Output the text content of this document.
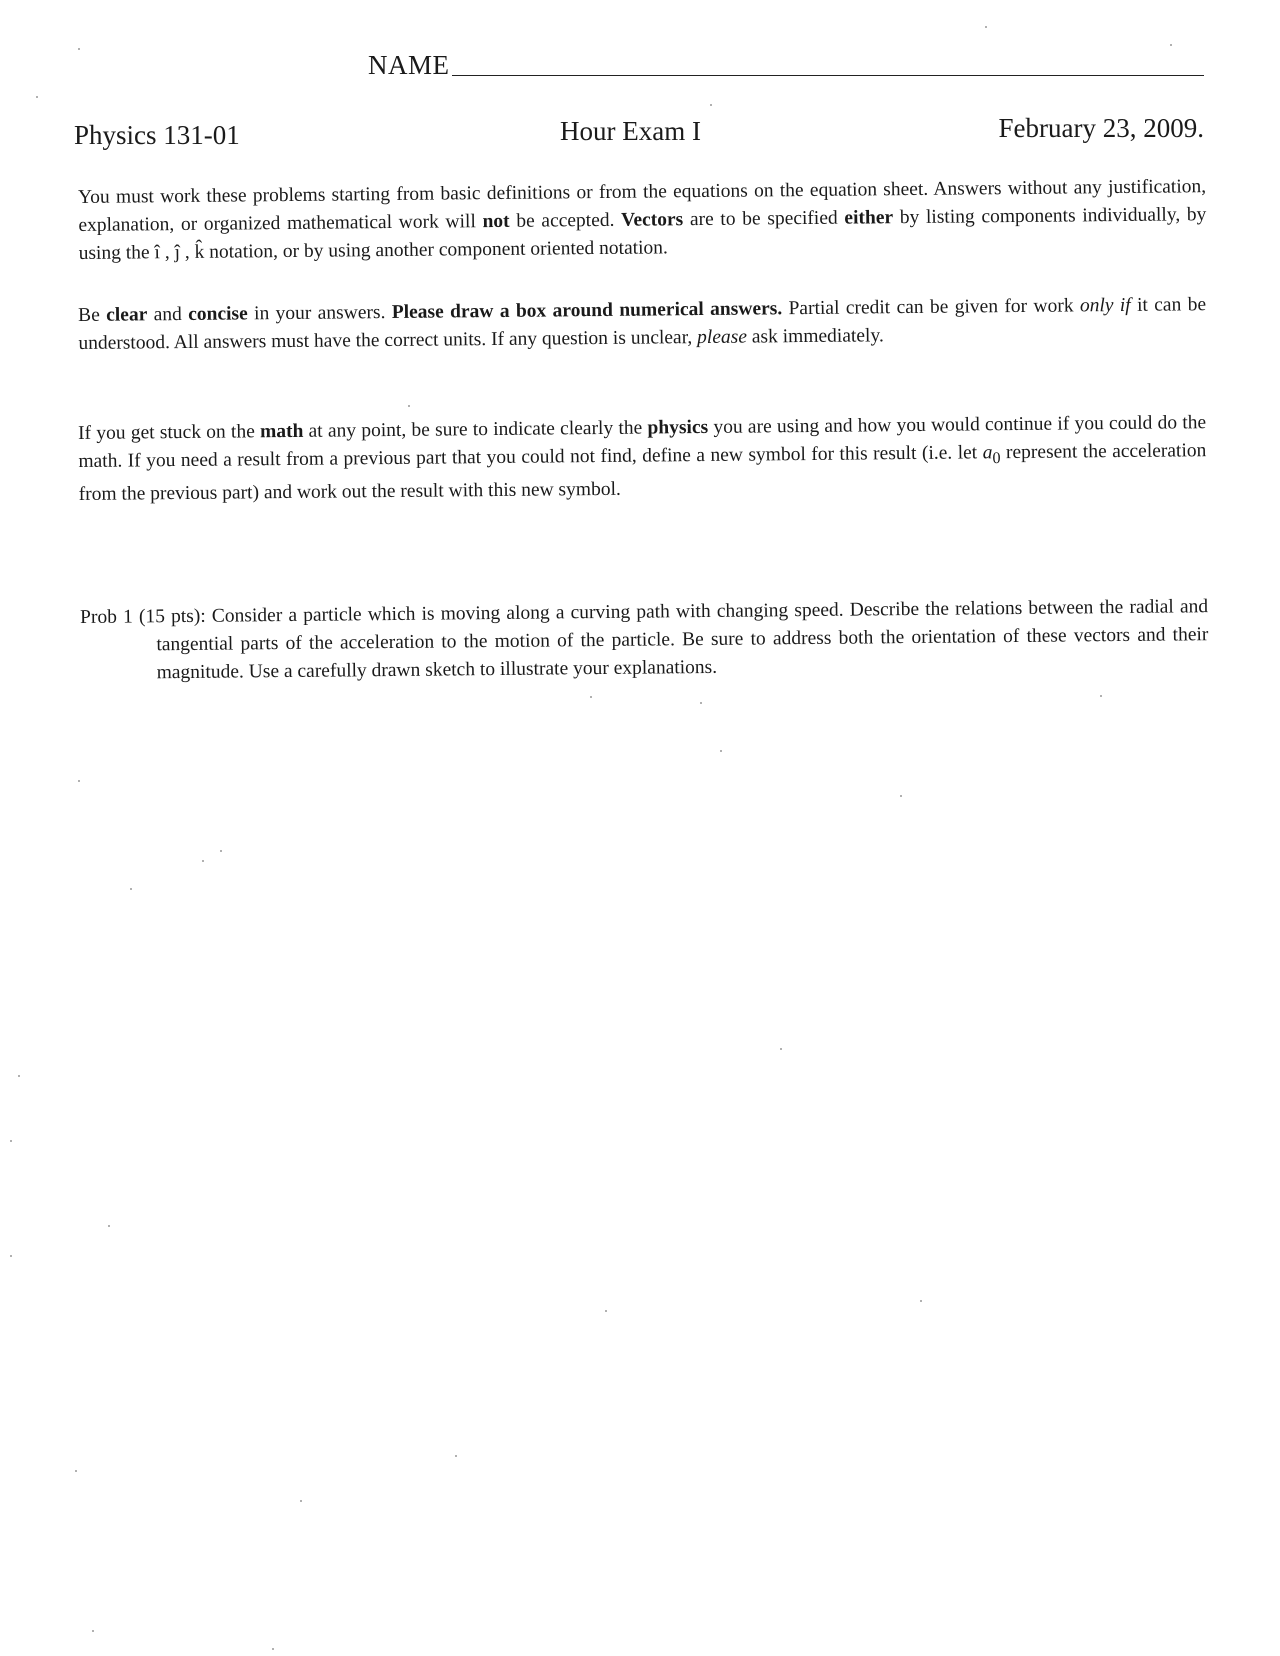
NAME
Physics 131-01	Hour Exam I	February 23, 2009.
You must work these problems starting from basic definitions or from the equations on the equation sheet. Answers without any justification, explanation, or organized mathematical work will not be accepted. Vectors are to be specified either by listing components individually, by using the î , ĵ , k̂ notation, or by using another component oriented notation.
Be clear and concise in your answers. Please draw a box around numerical answers. Partial credit can be given for work only if it can be understood. All answers must have the correct units. If any question is unclear, please ask immediately.
If you get stuck on the math at any point, be sure to indicate clearly the physics you are using and how you would continue if you could do the math. If you need a result from a previous part that you could not find, define a new symbol for this result (i.e. let $a_0$ represent the acceleration from the previous part) and work out the result with this new symbol.
Prob 1 (15 pts): Consider a particle which is moving along a curving path with changing speed. Describe the relations between the radial and tangential parts of the acceleration to the motion of the particle. Be sure to address both the orientation of these vectors and their magnitude. Use a carefully drawn sketch to illustrate your explanations.
